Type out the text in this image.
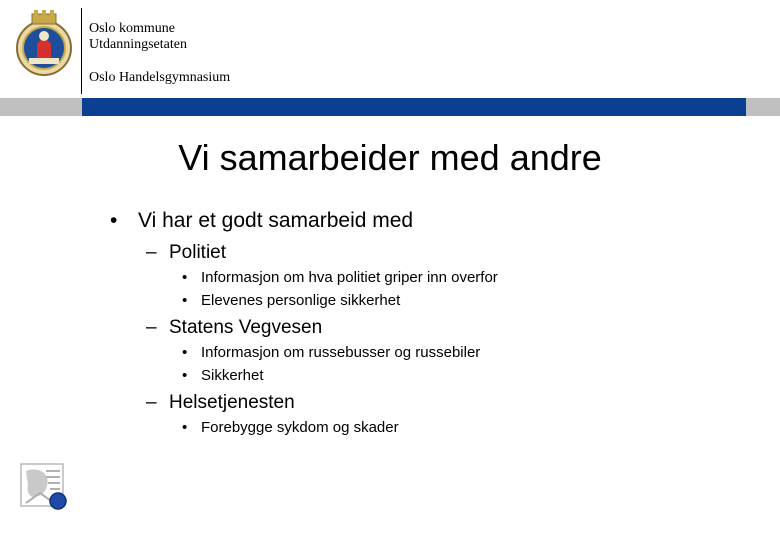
Oslo kommune
Utdanningsetaten
Oslo Handelsgymnasium
Vi samarbeider med andre
• Vi har et godt samarbeid med
– Politiet
• Informasjon om hva politiet griper inn overfor
• Elevenes personlige sikkerhet
– Statens Vegvesen
• Informasjon om russebusser og russebiler
• Sikkerhet
– Helsetjenesten
• Forebygge sykdom og skader
